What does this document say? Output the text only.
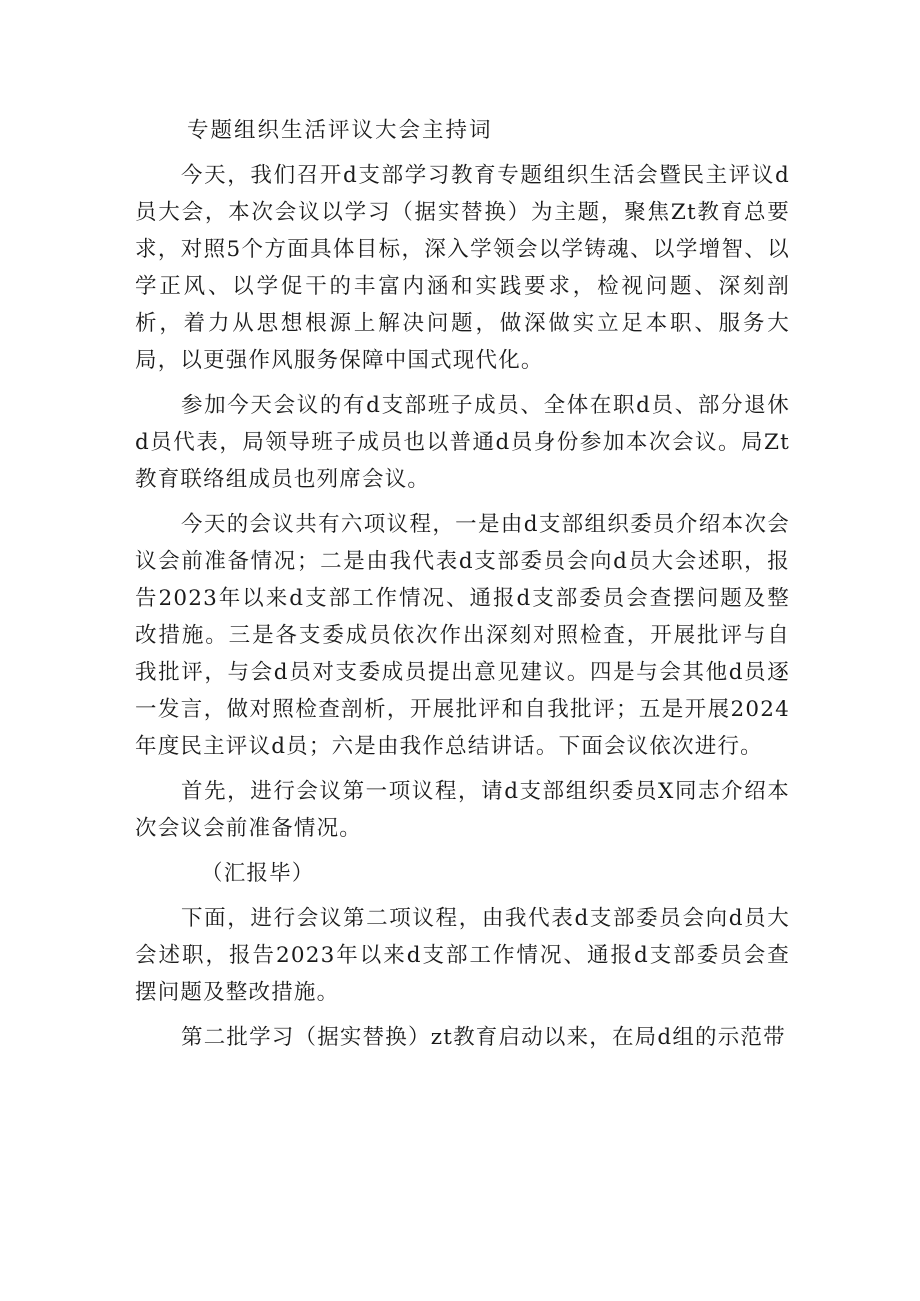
专题组织生活评议大会主持词

今天，我们召开d支部学习教育专题组织生活会暨民主评议d员大会，本次会议以学习（据实替换）为主题，聚焦Zt教育总要求，对照5个方面具体目标，深入学领会以学铸魂、以学增智、以学正风、以学促干的丰富内涵和实践要求，检视问题、深刻剖析，着力从思想根源上解决问题，做深做实立足本职、服务大局，以更强作风服务保障中国式现代化。

参加今天会议的有d支部班子成员、全体在职d员、部分退休d员代表，局领导班子成员也以普通d员身份参加本次会议。局Zt教育联络组成员也列席会议。

今天的会议共有六项议程，一是由d支部组织委员介绍本次会议会前准备情况；二是由我代表d支部委员会向d员大会述职，报告2023年以来d支部工作情况、通报d支部委员会查摆问题及整改措施。三是各支委成员依次作出深刻对照检査，开展批评与自我批评，与会d员对支委成员提出意见建议。四是与会其他d员逐一发言，做对照检查剖析，开展批评和自我批评；五是开展2024年度民主评议d员；六是由我作总结讲话。下面会议依次进行。

首先，进行会议第一项议程，请d支部组织委员X同志介绍本次会议会前准备情况。

（汇报毕）

下面，进行会议第二项议程，由我代表d支部委员会向d员大会述职，报告2023年以来d支部工作情况、通报d支部委员会查摆问题及整改措施。

第二批学习（据实替换）zt教育启动以来，在局d组的示范带
